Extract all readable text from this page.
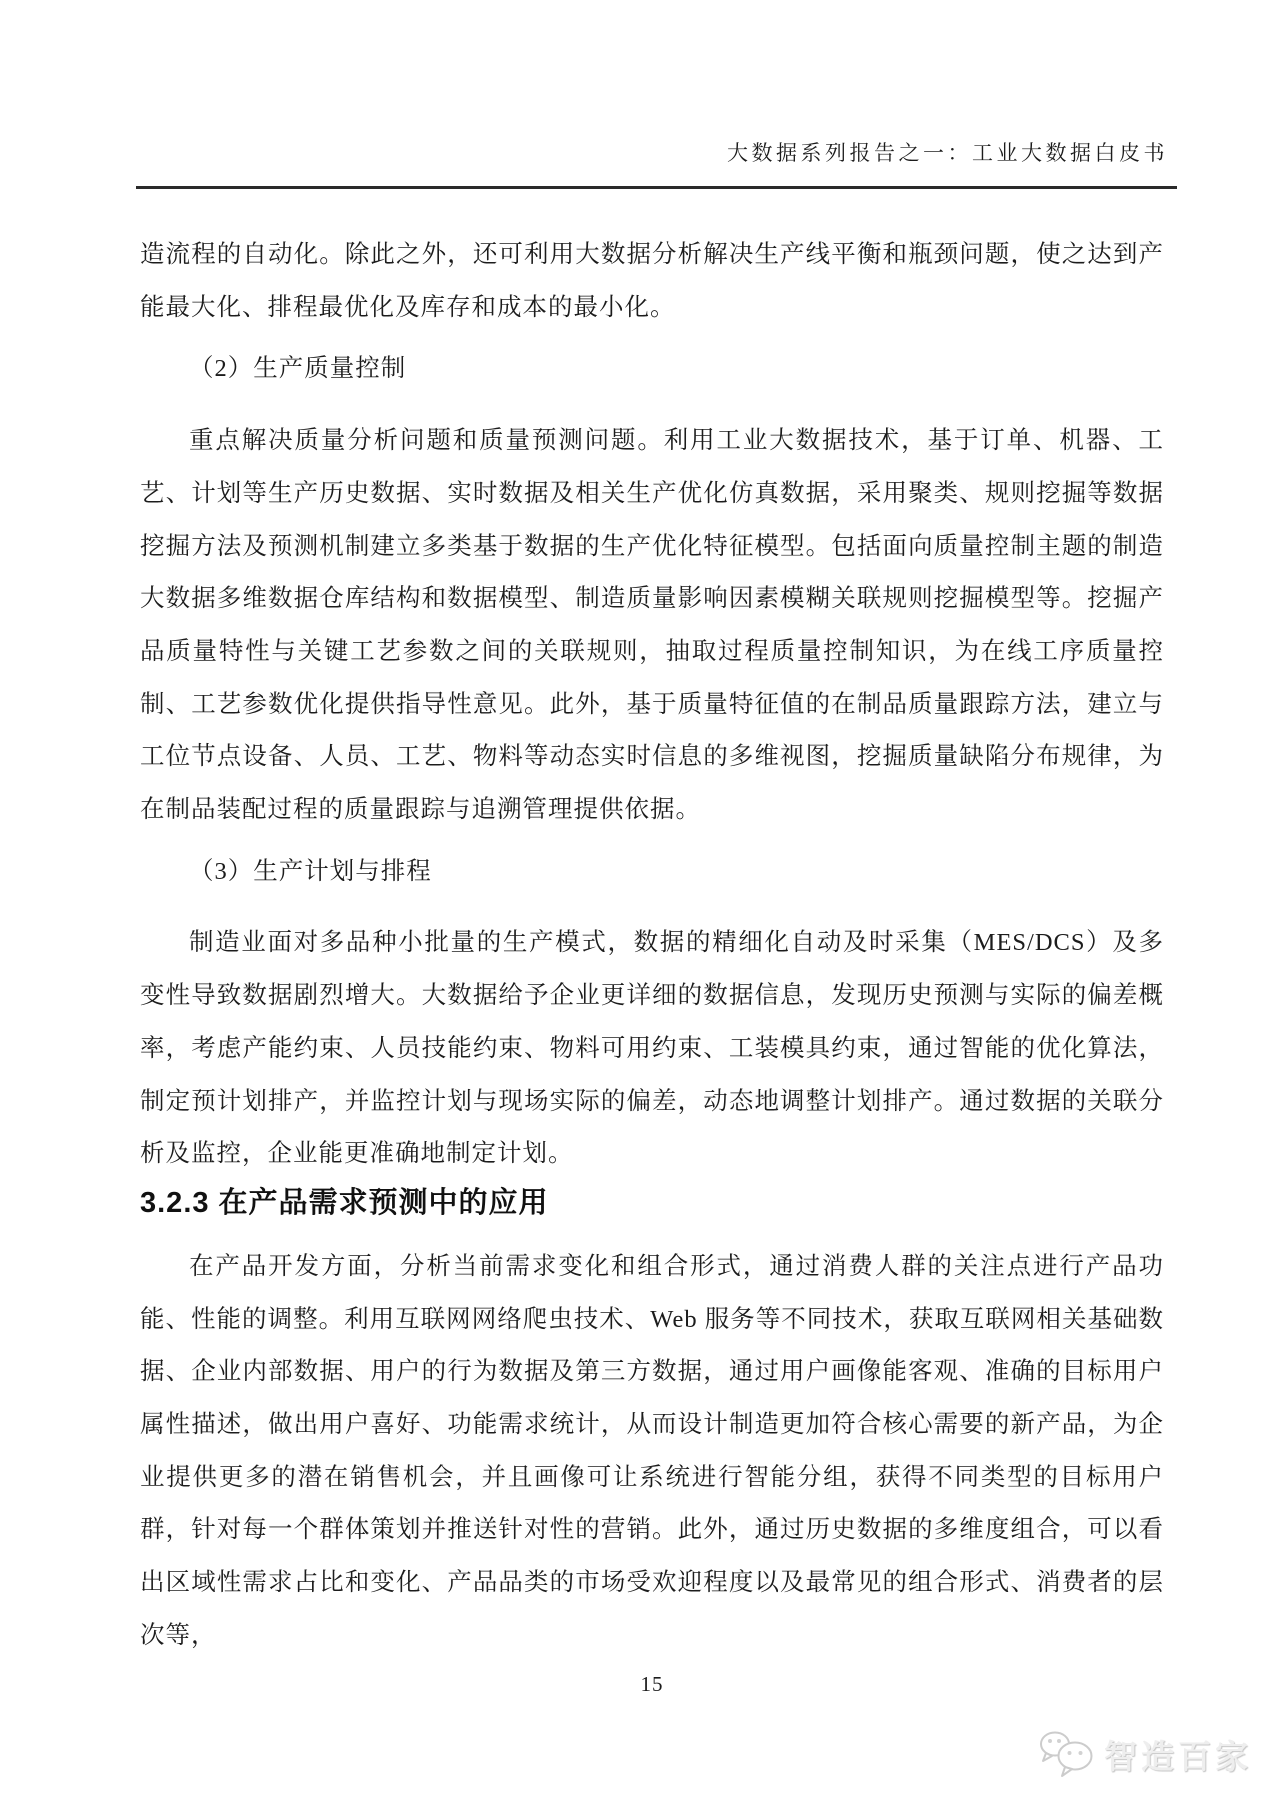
大数据系列报告之一：工业大数据白皮书

造流程的自动化。除此之外，还可利用大数据分析解决生产线平衡和瓶颈问题，使之达到产能最大化、排程最优化及库存和成本的最小化。

（2）生产质量控制

重点解决质量分析问题和质量预测问题。利用工业大数据技术，基于订单、机器、工艺、计划等生产历史数据、实时数据及相关生产优化仿真数据，采用聚类、规则挖掘等数据挖掘方法及预测机制建立多类基于数据的生产优化特征模型。包括面向质量控制主题的制造大数据多维数据仓库结构和数据模型、制造质量影响因素模糊关联规则挖掘模型等。挖掘产品质量特性与关键工艺参数之间的关联规则，抽取过程质量控制知识，为在线工序质量控制、工艺参数优化提供指导性意见。此外，基于质量特征值的在制品质量跟踪方法，建立与工位节点设备、人员、工艺、物料等动态实时信息的多维视图，挖掘质量缺陷分布规律，为在制品装配过程的质量跟踪与追溯管理提供依据。

（3）生产计划与排程

制造业面对多品种小批量的生产模式，数据的精细化自动及时采集（MES/DCS）及多变性导致数据剧烈增大。大数据给予企业更详细的数据信息，发现历史预测与实际的偏差概率，考虑产能约束、人员技能约束、物料可用约束、工装模具约束，通过智能的优化算法，制定预计划排产，并监控计划与现场实际的偏差，动态地调整计划排产。通过数据的关联分析及监控，企业能更准确地制定计划。

3.2.3 在产品需求预测中的应用

在产品开发方面，分析当前需求变化和组合形式，通过消费人群的关注点进行产品功能、性能的调整。利用互联网网络爬虫技术、Web 服务等不同技术，获取互联网相关基础数据、企业内部数据、用户的行为数据及第三方数据，通过用户画像能客观、准确的目标用户属性描述，做出用户喜好、功能需求统计，从而设计制造更加符合核心需要的新产品，为企业提供更多的潜在销售机会，并且画像可让系统进行智能分组，获得不同类型的目标用户群，针对每一个群体策划并推送针对性的营销。此外，通过历史数据的多维度组合，可以看出区域性需求占比和变化、产品品类的市场受欢迎程度以及最常见的组合形式、消费者的层次等，

15
智造百家
